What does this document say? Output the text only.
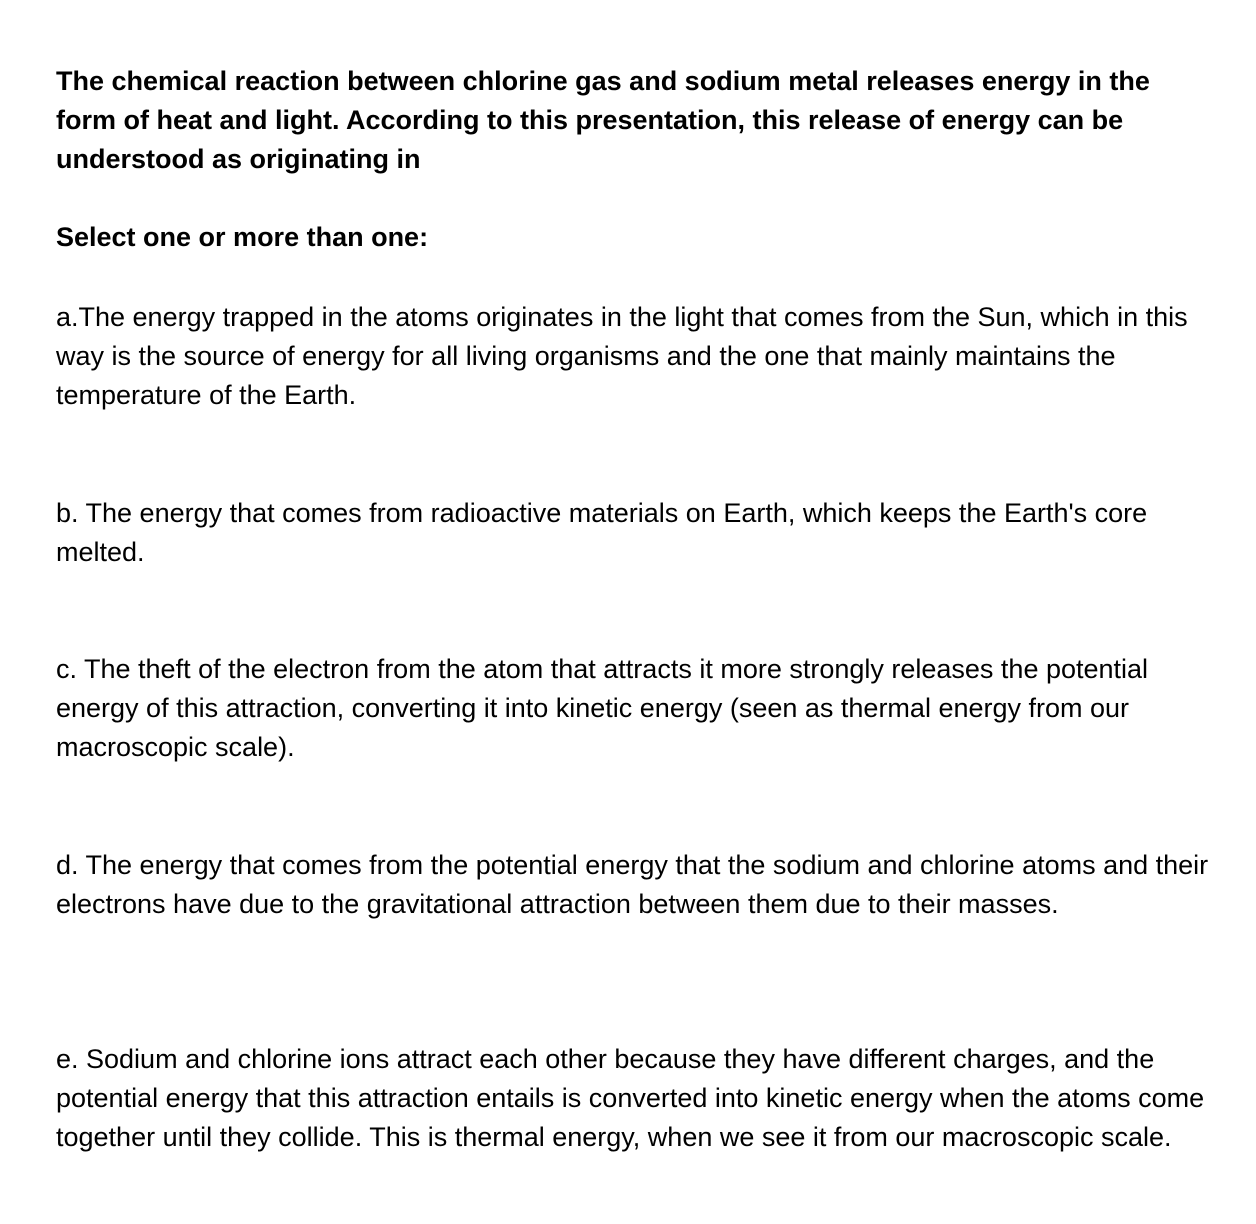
The chemical reaction between chlorine gas and sodium metal releases energy in the form of heat and light. According to this presentation, this release of energy can be understood as originating in

Select one or more than one:

a.The energy trapped in the atoms originates in the light that comes from the Sun, which in this way is the source of energy for all living organisms and the one that mainly maintains the temperature of the Earth.

b. The energy that comes from radioactive materials on Earth, which keeps the Earth's core melted.

c. The theft of the electron from the atom that attracts it more strongly releases the potential energy of this attraction, converting it into kinetic energy (seen as thermal energy from our macroscopic scale).

d. The energy that comes from the potential energy that the sodium and chlorine atoms and their electrons have due to the gravitational attraction between them due to their masses.

e. Sodium and chlorine ions attract each other because they have different charges, and the potential energy that this attraction entails is converted into kinetic energy when the atoms come together until they collide. This is thermal energy, when we see it from our macroscopic scale.
